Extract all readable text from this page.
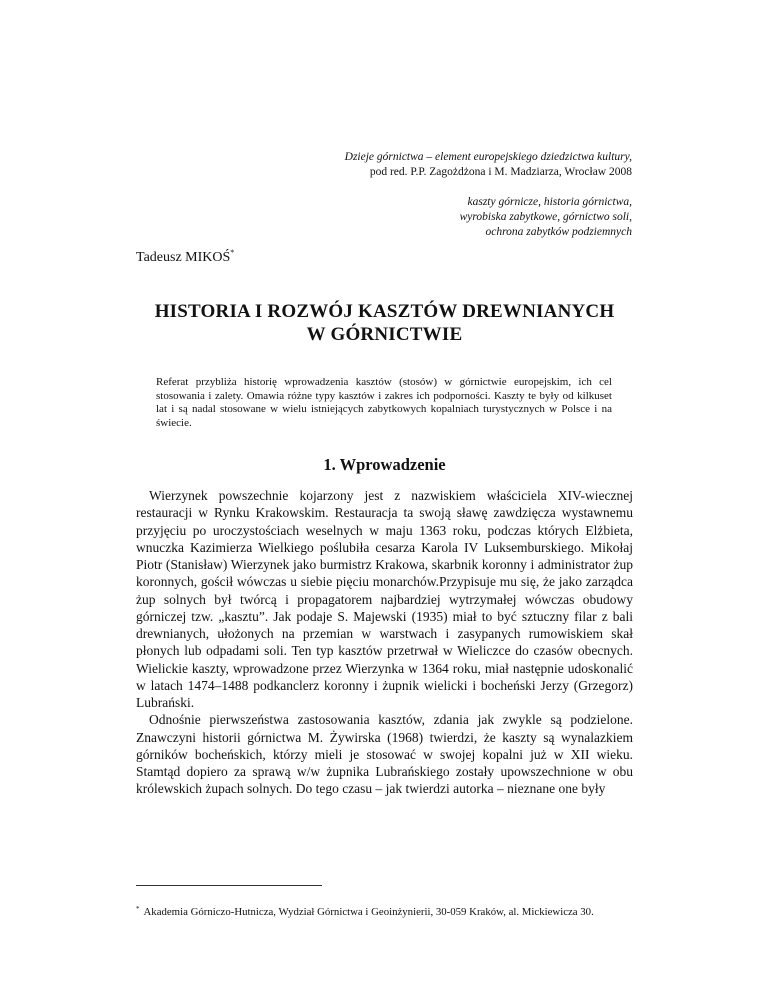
Dzieje górnictwa – element europejskiego dziedzictwa kultury,
pod red. P.P. Zagożdżona i M. Madziarza, Wrocław 2008
kaszty górnicze, historia górnictwa,
wyrobiska zabytkowe, górnictwo soli,
ochrona zabytków podziemnych
Tadeusz MIKOŚ*
HISTORIA I ROZWÓJ KASZTÓW DREWNIANYCH
W GÓRNICTWIE
Referat przybliża historię wprowadzenia kasztów (stosów) w górnictwie europejskim, ich cel stosowania i zalety. Omawia różne typy kasztów i zakres ich podporności. Kaszty te były od kilkuset lat i są nadal stosowane w wielu istniejących zabytkowych kopalniach turystycznych w Polsce i na świecie.
1. Wprowadzenie

Wierzynek powszechnie kojarzony jest z nazwiskiem właściciela XIV-wiecznej restauracji w Rynku Krakowskim. Restauracja ta swoją sławę zawdzięcza wystawnemu przyjęciu po uroczystościach weselnych w maju 1363 roku, podczas których Elżbieta, wnuczka Kazimierza Wielkiego poślubiła cesarza Karola IV Luksemburskiego. Mikołaj Piotr (Stanisław) Wierzynek jako burmistrz Krakowa, skarbnik koronny i administrator żup koronnych, gościł wówczas u siebie pięciu monarchów.Przypisuje mu się, że jako zarządca żup solnych był twórcą i propagatorem najbardziej wytrzymałej wówczas obudowy górniczej tzw. „kasztu”. Jak podaje S. Majewski (1935) miał to być sztuczny filar z bali drewnianych, ułożonych na przemian w warstwach i zasypanych rumowiskiem skał płonych lub odpadami soli. Ten typ kasztów przetrwał w Wieliczce do czasów obecnych. Wielickie kaszty, wprowadzone przez Wierzynka w 1364 roku, miał następnie udoskonalić w latach 1474–1488 podkanclerz koronny i żupnik wielicki i bocheński Jerzy (Grzegorz) Lubrański.

Odnośnie pierwszeństwa zastosowania kasztów, zdania jak zwykle są podzielone. Znawczyni historii górnictwa M. Żywirska (1968) twierdzi, że kaszty są wynalazkiem górników bocheńskich, którzy mieli je stosować w swojej kopalni już w XII wieku. Stamtąd dopiero za sprawą w/w żupnika Lubrańskiego zostały upowszechnione w obu królewskich żupach solnych. Do tego czasu – jak twierdzi autorka – nieznane one były

* Akademia Górniczo-Hutnicza, Wydział Górnictwa i Geoinżynierii, 30-059 Kraków, al. Mickiewicza 30.
